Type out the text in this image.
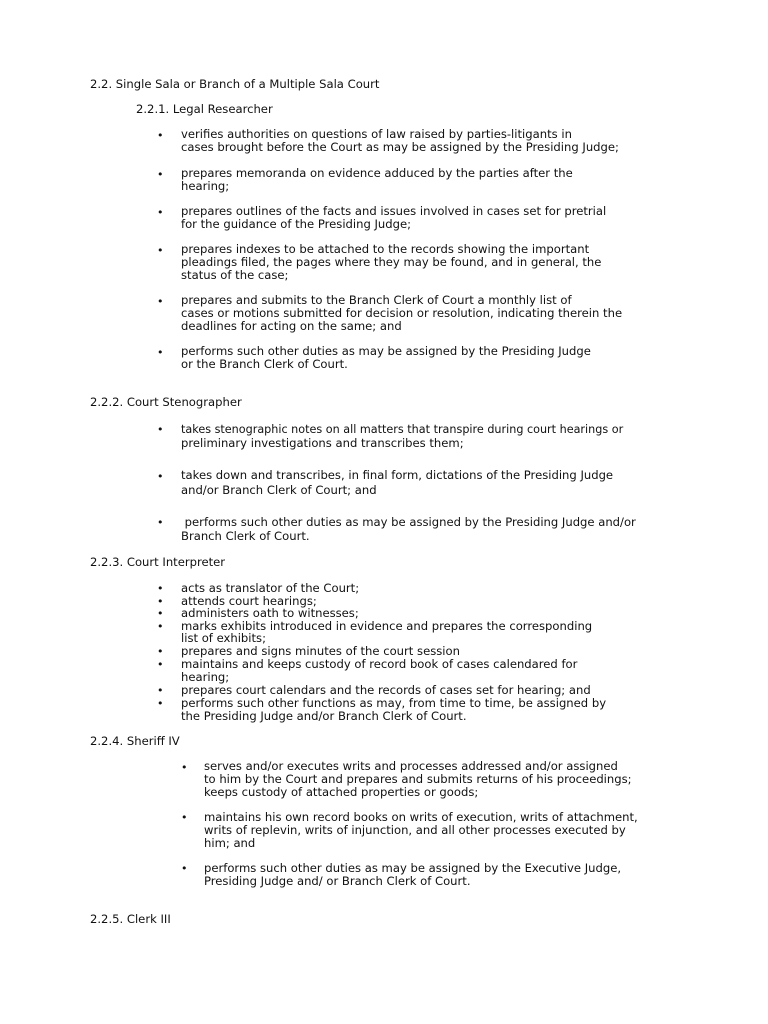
2.2. Single Sala or Branch of a Multiple Sala Court
2.2.1. Legal Researcher
• verifies authorities on questions of law raised by parties-litigants in
cases brought before the Court as may be assigned by the Presiding Judge;
• prepares memoranda on evidence adduced by the parties after the
hearing;
• prepares outlines of the facts and issues involved in cases set for pretrial
for the guidance of the Presiding Judge;
• prepares indexes to be attached to the records showing the important
pleadings filed, the pages where they may be found, and in general, the
status of the case;
• prepares and submits to the Branch Clerk of Court a monthly list of
cases or motions submitted for decision or resolution, indicating therein the
deadlines for acting on the same; and
• performs such other duties as may be assigned by the Presiding Judge
or the Branch Clerk of Court.
2.2.2. Court Stenographer
• takes stenographic notes on all matters that transpire during court hearings or
preliminary investigations and transcribes them;
• takes down and transcribes, in final form, dictations of the Presiding Judge
and/or Branch Clerk of Court; and
• performs such other duties as may be assigned by the Presiding Judge and/or
Branch Clerk of Court.
2.2.3. Court Interpreter
• acts as translator of the Court;
• attends court hearings;
• administers oath to witnesses;
• marks exhibits introduced in evidence and prepares the corresponding
list of exhibits;
• prepares and signs minutes of the court session
• maintains and keeps custody of record book of cases calendared for
hearing;
• prepares court calendars and the records of cases set for hearing; and
• performs such other functions as may, from time to time, be assigned by
the Presiding Judge and/or Branch Clerk of Court.
2.2.4. Sheriff IV
• serves and/or executes writs and processes addressed and/or assigned
to him by the Court and prepares and submits returns of his proceedings;
keeps custody of attached properties or goods;
• maintains his own record books on writs of execution, writs of attachment,
writs of replevin, writs of injunction, and all other processes executed by
him; and
• performs such other duties as may be assigned by the Executive Judge,
Presiding Judge and/ or Branch Clerk of Court.
2.2.5. Clerk III
